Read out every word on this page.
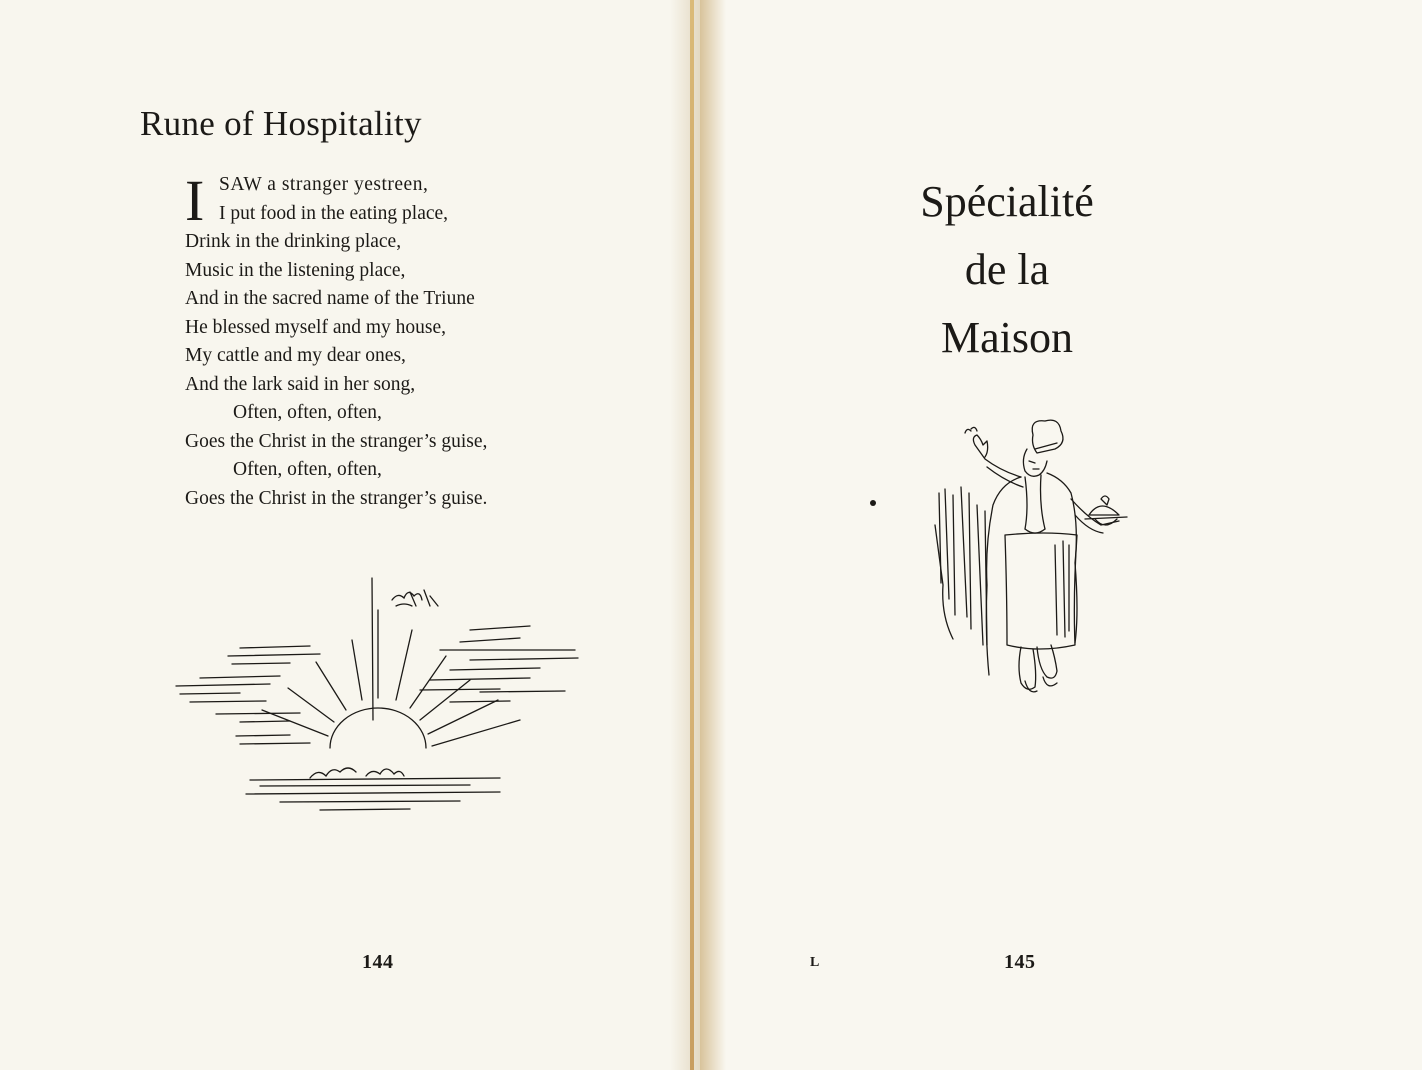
Rune of Hospitality
I SAW a stranger yestreen,
I put food in the eating place,
Drink in the drinking place,
Music in the listening place,
And in the sacred name of the Triune
He blessed myself and my house,
My cattle and my dear ones,
And the lark said in her song,
Often, often, often,
Goes the Christ in the stranger’s guise,
Often, often, often,
Goes the Christ in the stranger’s guise.
144
Spécialité
de la
Maison
L	145
